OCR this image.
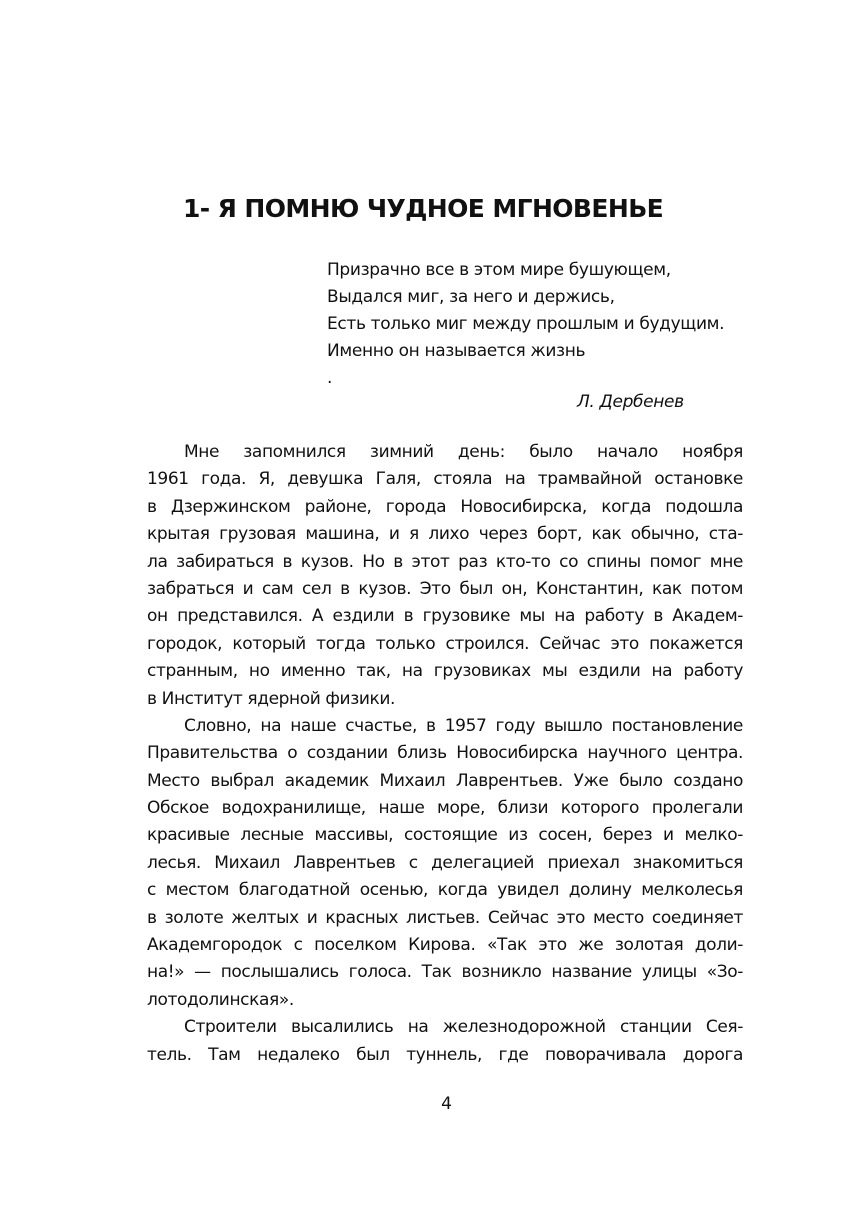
1- Я ПОМНЮ ЧУДНОЕ МГНОВЕНЬЕ
Призрачно все в этом мире бушующем,
Выдался миг, за него и держись,
Есть только миг между прошлым и будущим.
Именно он называется жизнь
.
Л. Дербенев
Мне запомнился зимний день: было начало ноября
1961 года. Я, девушка Галя, стояла на трамвайной остановке
в Дзержинском районе, города Новосибирска, когда подошла
крытая грузовая машина, и я лихо через борт, как обычно, ста-
ла забираться в кузов. Но в этот раз кто-то со спины помог мне
забраться и сам сел в кузов. Это был он, Константин, как потом
он представился. А ездили в грузовике мы на работу в Академ-
городок, который тогда только строился. Сейчас это покажется
странным, но именно так, на грузовиках мы ездили на работу
в Институт ядерной физики.
Словно, на наше счастье, в 1957 году вышло постановление
Правительства о создании близь Новосибирска научного центра.
Место выбрал академик Михаил Лаврентьев. Уже было создано
Обское водохранилище, наше море, близи которого пролегали
красивые лесные массивы, состоящие из сосен, берез и мелко-
лесья. Михаил Лаврентьев с делегацией приехал знакомиться
с местом благодатной осенью, когда увидел долину мелколесья
в золоте желтых и красных листьев. Сейчас это место соединяет
Академгородок с поселком Кирова. «Так это же золотая доли-
на!» — послышались голоса. Так возникло название улицы «Зо-
лотодолинская».
Строители высалились на железнодорожной станции Сея-
тель. Там недалеко был туннель, где поворачивала дорога
4
